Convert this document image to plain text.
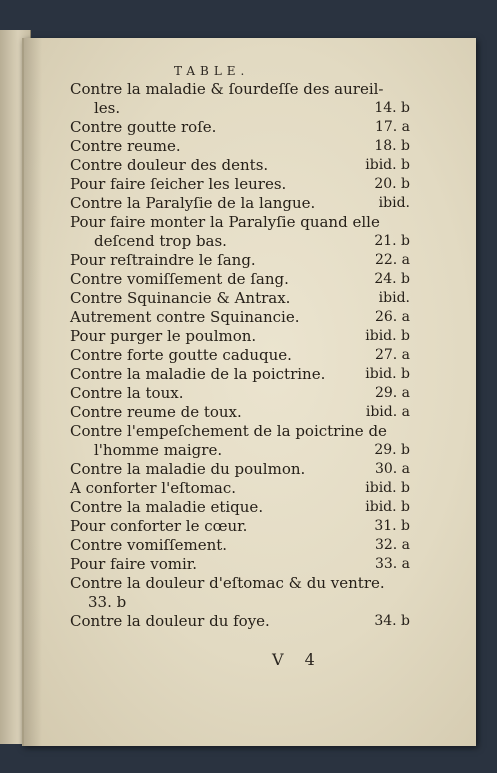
TABLE.
Contre la maladie & ſourdeſſe des aureil-
les.	14. b
Contre goutte roſe.	17. a
Contre reume.	18. b
Contre douleur des dents.	ibid. b
Pour faire ſeicher les leures.	20. b
Contre la Paralyſie de la langue.	ibid.
Pour faire monter la Paralyſie quand elle
deſcend trop bas.	21. b
Pour reſtraindre le ſang.	22. a
Contre vomiſſement de ſang.	24. b
Contre Squinancie & Antrax.	ibid.
Autrement contre Squinancie.	26. a
Pour purger le poulmon.	ibid. b
Contre forte goutte caduque.	27. a
Contre la maladie de la poictrine.	ibid. b
Contre la toux.	29. a
Contre reume de toux.	ibid. a
Contre l'empeſchement de la poictrine de
l'homme maigre.	29. b
Contre la maladie du poulmon.	30. a
A conforter l'eſtomac.	ibid. b
Contre la maladie etique.	ibid. b
Pour conforter le cœur.	31. b
Contre vomiſſement.	32. a
Pour faire vomir.	33. a
Contre la douleur d'eſtomac & du ventre.
33. b
Contre la douleur du foye.	34. b
V 4
